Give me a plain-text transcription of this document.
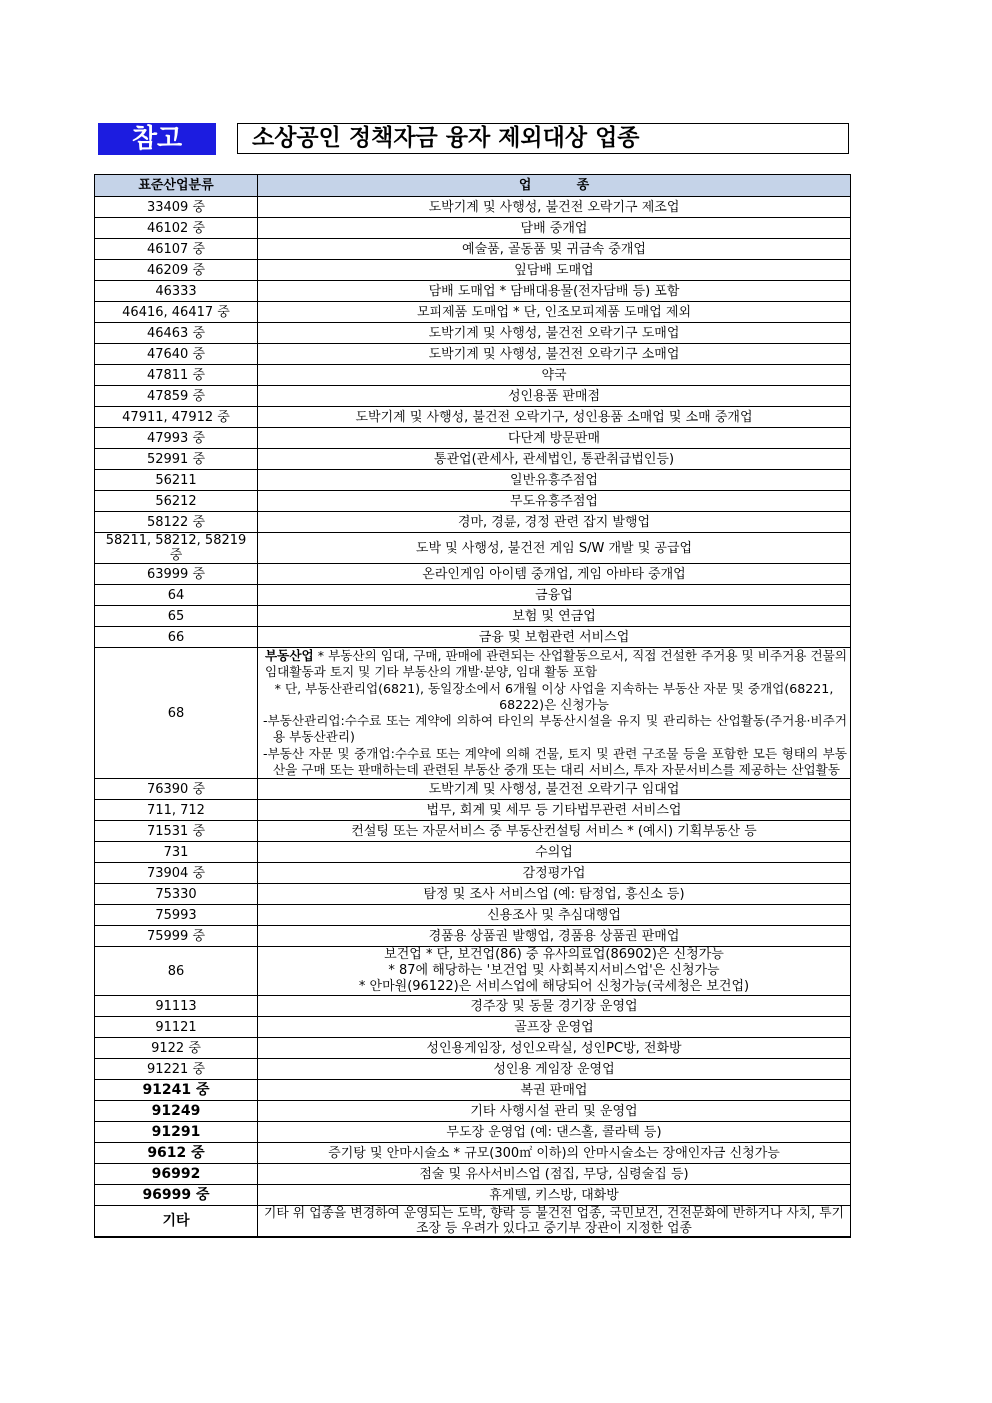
참고	소상공인 정책자금 융자 제외대상 업종
표준산업분류	업          종
33409 중	도박기계 및 사행성, 불건전 오락기구 제조업
46102 중	담배 중개업
46107 중	예술품, 골동품 및 귀금속 중개업
46209 중	잎담배 도매업
46333	담배 도매업 * 담배대용물(전자담배 등) 포함
46416, 46417 중	모피제품 도매업 * 단, 인조모피제품 도매업 제외
46463 중	도박기계 및 사행성, 불건전 오락기구 도매업
47640 중	도박기계 및 사행성, 불건전 오락기구 소매업
47811 중	약국
47859 중	성인용품 판매점
47911, 47912 중	도박기계 및 사행성, 불건전 오락기구, 성인용품 소매업 및 소매 중개업
47993 중	다단계 방문판매
52991 중	통관업(관세사, 관세법인, 통관취급법인등)
56211	일반유흥주점업
56212	무도유흥주점업
58122 중	경마, 경륜, 경정 관련 잡지 발행업
58211, 58212, 58219 중	도박 및 사행성, 불건전 게임 S/W 개발 및 공급업
63999 중	온라인게임 아이템 중개업, 게임 아바타 중개업
64	금융업
65	보험 및 연금업
66	금융 및 보험관련 서비스업
68	부동산업 * 부동산의 임대, 구매, 판매에 관련되는 산업활동으로서, 직접 건설한 주거용 및 비주거용 건물의 임대활동과 토지 및 기타 부동산의 개발·분양, 임대 활동 포함
* 단, 부동산관리업(6821), 동일장소에서 6개월 이상 사업을 지속하는 부동산 자문 및 중개업(68221, 68222)은 신청가능
-부동산관리업:수수료 또는 계약에 의하여 타인의 부동산시설을 유지 및 관리하는 산업활동(주거용·비주거용 부동산관리)
-부동산 자문 및 중개업:수수료 또는 계약에 의해 건물, 토지 및 관련 구조물 등을 포함한 모든 형태의 부동산을 구매 또는 판매하는데 관련된 부동산 중개 또는 대리 서비스, 투자 자문서비스를 제공하는 산업활동

76390 중	도박기계 및 사행성, 불건전 오락기구 임대업
711, 712	법무, 회계 및 세무 등 기타법무관련 서비스업
71531 중	컨설팅 또는 자문서비스 중 부동산컨설팅 서비스 * (예시) 기획부동산 등
731	수의업
73904 중	감정평가업
75330	탐정 및 조사 서비스업 (예: 탐정업, 흥신소 등)
75993	신용조사 및 추심대행업
75999 중	경품용 상품권 발행업, 경품용 상품권 판매업
86	보건업 * 단, 보건업(86) 중 유사의료업(86902)은 신청가능
* 87에 해당하는 '보건업 및 사회복지서비스업'은 신청가능
* 안마원(96122)은 서비스업에 해당되어 신청가능(국세청은 보건업)

91113	경주장 및 동물 경기장 운영업
91121	골프장 운영업
9122 중	성인용게임장, 성인오락실, 성인PC방, 전화방
91221 중	성인용 게임장 운영업
91241 중	복권 판매업
91249	기타 사행시설 관리 및 운영업
91291	무도장 운영업 (예: 댄스홀, 콜라텍 등)
9612 중	증기탕 및 안마시술소 * 규모(300㎡ 이하)의 안마시술소는 장애인자금 신청가능
96992	점술 및 유사서비스업 (점집, 무당, 심령술집 등)
96999 중	휴게텔, 키스방, 대화방
기타	기타 위 업종을 변경하여 운영되는 도박, 향락 등 불건전 업종, 국민보건, 건전문화에 반하거나 사치, 투기조장 등 우려가 있다고 중기부 장관이 지정한 업종
